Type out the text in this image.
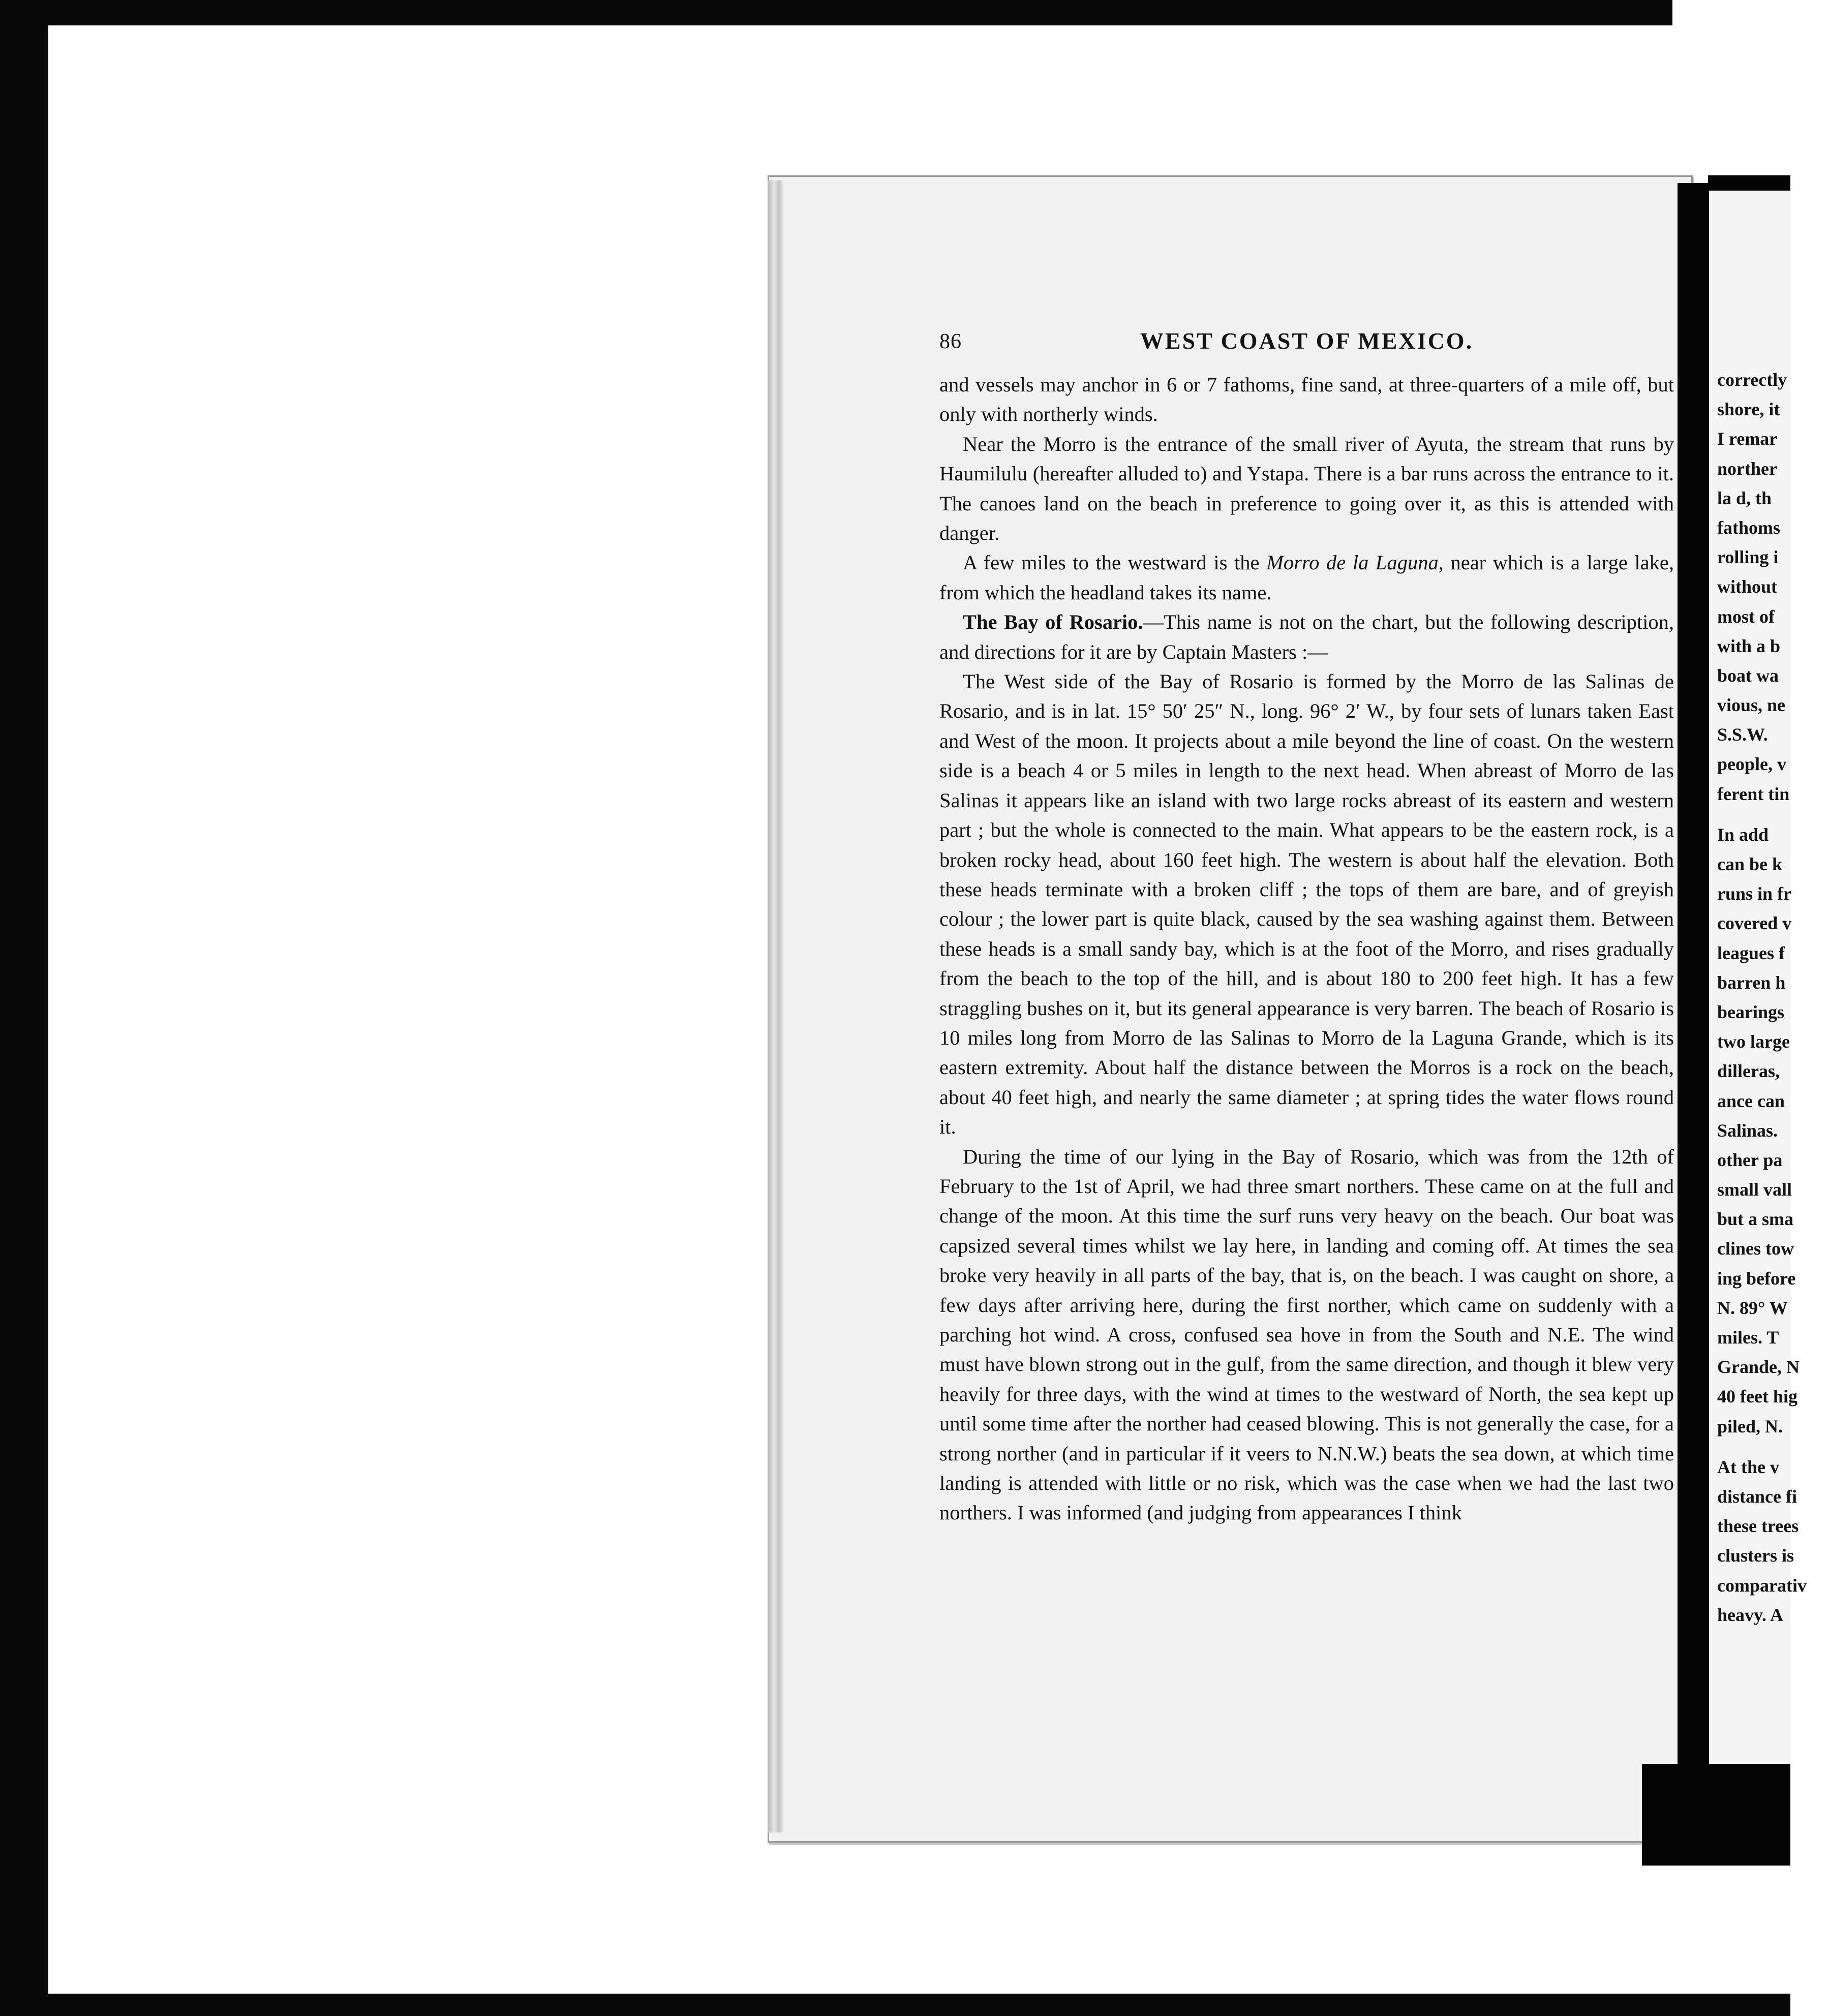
86	WEST COAST OF MEXICO.

and vessels may anchor in 6 or 7 fathoms, fine sand, at three-quarters of a mile off, but only with northerly winds.

Near the Morro is the entrance of the small river of Ayuta, the stream that runs by Haumilulu (hereafter alluded to) and Ystapa. There is a bar runs across the entrance to it. The canoes land on the beach in preference to going over it, as this is attended with danger.

A few miles to the westward is the Morro de la Laguna, near which is a large lake, from which the headland takes its name.

The Bay of Rosario.—This name is not on the chart, but the following description, and directions for it are by Captain Masters :—

The West side of the Bay of Rosario is formed by the Morro de las Salinas de Rosario, and is in lat. 15° 50′ 25″ N., long. 96° 2′ W., by four sets of lunars taken East and West of the moon. It projects about a mile beyond the line of coast. On the western side is a beach 4 or 5 miles in length to the next head. When abreast of Morro de las Salinas it appears like an island with two large rocks abreast of its eastern and western part ; but the whole is connected to the main. What appears to be the eastern rock, is a broken rocky head, about 160 feet high. The western is about half the elevation. Both these heads terminate with a broken cliff ; the tops of them are bare, and of greyish colour ; the lower part is quite black, caused by the sea washing against them. Between these heads is a small sandy bay, which is at the foot of the Morro, and rises gradually from the beach to the top of the hill, and is about 180 to 200 feet high. It has a few straggling bushes on it, but its general appearance is very barren. The beach of Rosario is 10 miles long from Morro de las Salinas to Morro de la Laguna Grande, which is its eastern extremity. About half the distance between the Morros is a rock on the beach, about 40 feet high, and nearly the same diameter ; at spring tides the water flows round it.

During the time of our lying in the Bay of Rosario, which was from the 12th of February to the 1st of April, we had three smart northers. These came on at the full and change of the moon. At this time the surf runs very heavy on the beach. Our boat was capsized several times whilst we lay here, in landing and coming off. At times the sea broke very heavily in all parts of the bay, that is, on the beach. I was caught on shore, a few days after arriving here, during the first norther, which came on suddenly with a parching hot wind. A cross, confused sea hove in from the South and N.E. The wind must have blown strong out in the gulf, from the same direction, and though it blew very heavily for three days, with the wind at times to the westward of North, the sea kept up until some time after the norther had ceased blowing. This is not generally the case, for a strong norther (and in particular if it veers to N.N.W.) beats the sea down, at which time landing is attended with little or no risk, which was the case when we had the last two northers. I was informed (and judging from appearances I think

correctly
shore, it
I remar
norther
la d, th
fathoms
rolling i
without
most of
with a b
boat wa
vious, ne
S.S.W.
people, v
ferent tin
In add
can be k
runs in fr
covered v
leagues f
barren h
bearings
two large
dilleras,
ance can
Salinas.
other pa
small vall
but a sma
clines tow
ing before
N. 89° W
miles. T
Grande, N
40 feet hig
piled, N.
At the v
distance fi
these trees
clusters is
comparativ
heavy. A
